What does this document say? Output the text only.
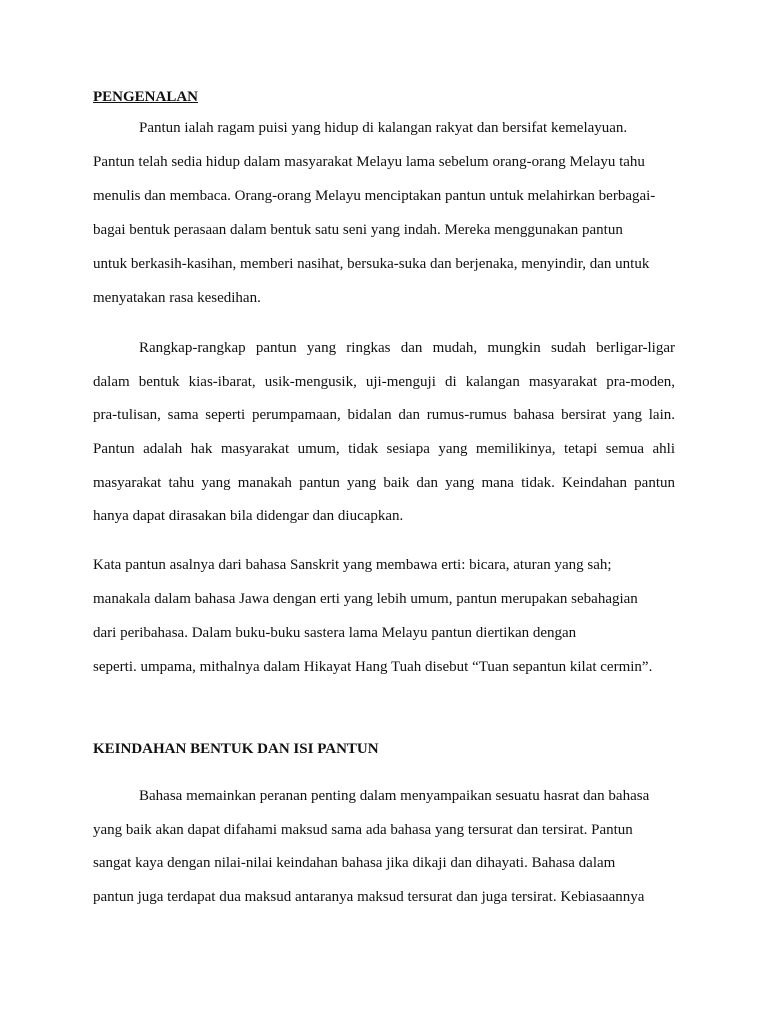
PENGENALAN
Pantun ialah ragam puisi yang hidup di kalangan rakyat dan bersifat kemelayuan.
Pantun telah sedia hidup dalam masyarakat Melayu lama sebelum orang-orang Melayu tahu
menulis dan membaca. Orang-orang Melayu menciptakan pantun untuk melahirkan berbagai-
bagai bentuk perasaan dalam bentuk satu seni yang indah. Mereka menggunakan pantun
untuk berkasih-kasihan, memberi nasihat, bersuka-suka dan berjenaka, menyindir, dan untuk
menyatakan rasa kesedihan.
Rangkap-rangkap pantun yang ringkas dan mudah, mungkin sudah berligar-ligar
dalam bentuk kias-ibarat, usik-mengusik, uji-menguji di kalangan masyarakat pra-moden,
pra-tulisan, sama seperti perumpamaan, bidalan dan rumus-rumus bahasa bersirat yang lain.
Pantun adalah hak masyarakat umum, tidak sesiapa yang memilikinya, tetapi semua ahli
masyarakat tahu yang manakah pantun yang baik dan yang mana tidak. Keindahan pantun
hanya dapat dirasakan bila didengar dan diucapkan.
Kata pantun asalnya dari bahasa Sanskrit yang membawa erti: bicara, aturan yang sah;
manakala dalam bahasa Jawa dengan erti yang lebih umum, pantun merupakan sebahagian
dari peribahasa. Dalam buku-buku sastera lama Melayu pantun diertikan dengan
seperti. umpama, mithalnya dalam Hikayat Hang Tuah disebut “Tuan sepantun kilat cermin”.
KEINDAHAN BENTUK DAN ISI PANTUN
Bahasa memainkan peranan penting dalam menyampaikan sesuatu hasrat dan bahasa
yang baik akan dapat difahami maksud sama ada bahasa yang tersurat dan tersirat. Pantun
sangat kaya dengan nilai-nilai keindahan bahasa jika dikaji dan dihayati. Bahasa dalam
pantun juga terdapat dua maksud antaranya maksud tersurat dan juga tersirat. Kebiasaannya
